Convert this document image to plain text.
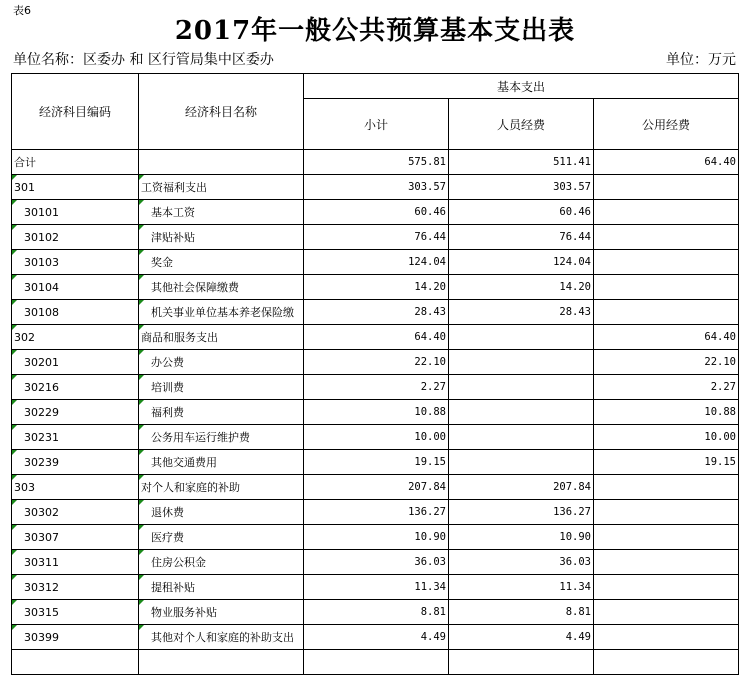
表6
2017年一般公共预算基本支出表
单位名称：区委办 和 区行管局集中区委办	单位：万元
经济科目编码	经济科目名称	基本支出		
		小计	人员经费	公用经费
合计		575.81	511.41	64.40

301	工资福利支出	303.57	303.57	

30101	基本工资	60.46	60.46	

30102	津贴补贴	76.44	76.44	

30103	奖金	124.04	124.04	

30104	其他社会保障缴费	14.20	14.20	

30108	机关事业单位基本养老保险缴	28.43	28.43	

302	商品和服务支出	64.40		64.40

30201	办公费	22.10		22.10

30216	培训费	2.27		2.27

30229	福利费	10.88		10.88

30231	公务用车运行维护费	10.00		10.00

30239	其他交通费用	19.15		19.15

303	对个人和家庭的补助	207.84	207.84	

30302	退休费	136.27	136.27	

30307	医疗费	10.90	10.90	

30311	住房公积金	36.03	36.03	

30312	提租补贴	11.34	11.34	

30315	物业服务补贴	8.81	8.81	

30399	其他对个人和家庭的补助支出	4.49	4.49	
